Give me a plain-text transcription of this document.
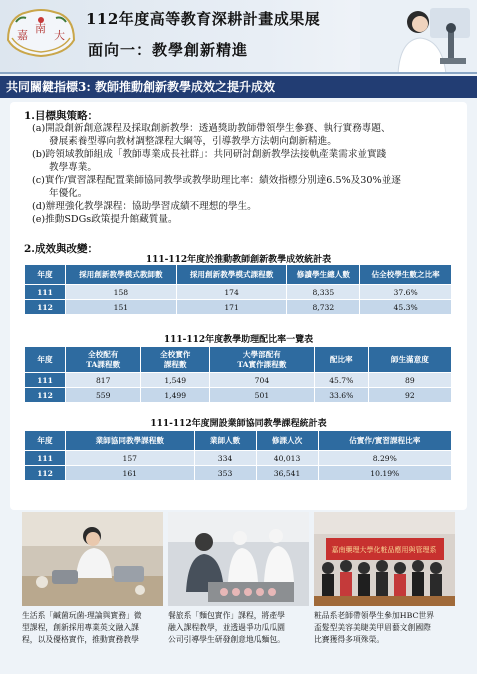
嘉
南
大
112年度高等教育深耕計畫成果展
面向一：教學創新精進
共同關鍵指標3: 教師推動創新教學成效之提升成效
1.目標與策略：
(a)開設創新創意課程及採取創新教學：透過獎助教師帶領學生參賽、執行實務專題、
發展素養型導向教材調整課程大綱等，引導教學方法朝向創新精進。
(b)跨領域教師組成「教師專業成長社群」：共同研討創新教學法接軌產業需求並實踐
教學專業。
(c)實作/實習課程配置業師協同教學或教學助理比率：績效指標分別達6.5%及30%並逐
年優化。
(d)辦理強化教學課程：協助學習成績不理想的學生。
(e)推動SDGs政策提升館藏質量。
2.成效與改變：
111-112年度於推動教師創新教學成效統計表
年度	採用創新教學模式教師數	採用創新教學模式課程數	修讀學生總人數	佔全校學生數之比率
111	158	174	8,335	37.6%
112	151	171	8,732	45.3%
111-112年度教學助理配比率一覽表
年度	全校配有
TA課程數	全校實作
課程數	大學部配有
TA實作課程數	配比率	師生滿意度
111	817	1,549	704	45.7%	89
112	559	1,499	501	33.6%	92
111-112年度開設業師協同教學課程統計表
年度	業師協同教學課程數	業師人數	修課人次	佔實作/實習課程比率
111	157	334	40,013	8.29%
112	161	353	36,541	10.19%
嘉南藥理大學化粧品應用與管理系
生活系「鹹菌玩菌-理論與實務」微
型課程，創新採用專業英文融入課
程，以及優格實作，推動實務教學
餐旅系「麵包實作」課程，將產學
融入課程教學，並透過爭功瓜瓜園
公司引導學生研發創意地瓜麵包。
粧品系老師帶領學生參加HBC世界
盃髮型美容美睫美甲眉藝文創國際
比賽獲得多項殊榮。
